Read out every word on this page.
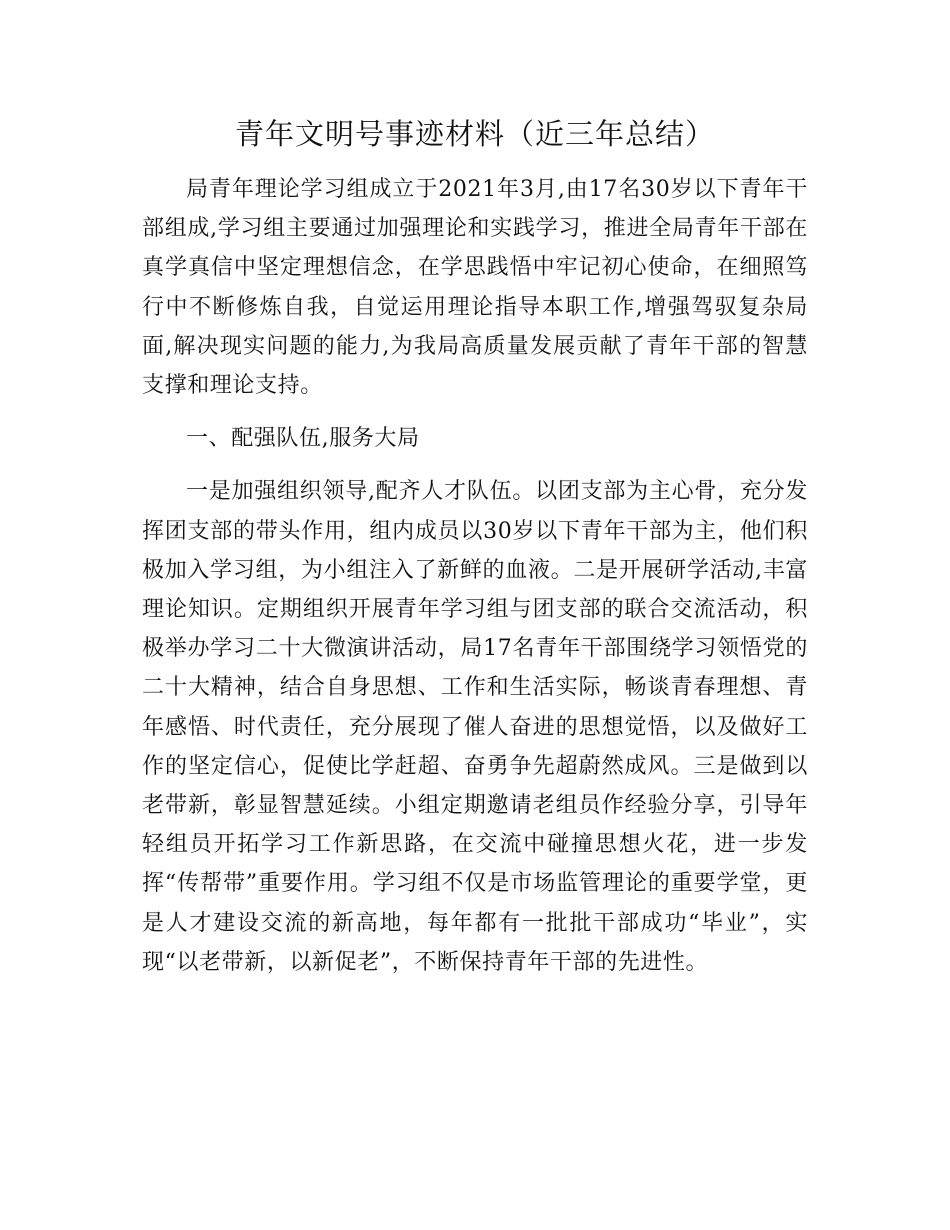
青年文明号事迹材料（近三年总结）

局青年理论学习组成立于2021年3月,由17名30岁以下青年干部组成,学习组主要通过加强理论和实践学习，推进全局青年干部在真学真信中坚定理想信念，在学思践悟中牢记初心使命，在细照笃行中不断修炼自我，自觉运用理论指导本职工作,增强驾驭复杂局面,解决现实问题的能力,为我局高质量发展贡献了青年干部的智慧支撑和理论支持。

一、配强队伍,服务大局

一是加强组织领导,配齐人才队伍。以团支部为主心骨，充分发挥团支部的带头作用，组内成员以30岁以下青年干部为主，他们积极加入学习组，为小组注入了新鲜的血液。二是开展研学活动,丰富理论知识。定期组织开展青年学习组与团支部的联合交流活动，积极举办学习二十大微演讲活动，局17名青年干部围绕学习领悟党的二十大精神，结合自身思想、工作和生活实际，畅谈青春理想、青年感悟、时代责任，充分展现了催人奋进的思想觉悟，以及做好工作的坚定信心，促使比学赶超、奋勇争先超蔚然成风。三是做到以老带新，彰显智慧延续。小组定期邀请老组员作经验分享，引导年轻组员开拓学习工作新思路，在交流中碰撞思想火花，进一步发挥“传帮带”重要作用。学习组不仅是市场监管理论的重要学堂，更是人才建设交流的新高地，每年都有一批批干部成功“毕业”，实现“以老带新，以新促老”，不断保持青年干部的先进性。
